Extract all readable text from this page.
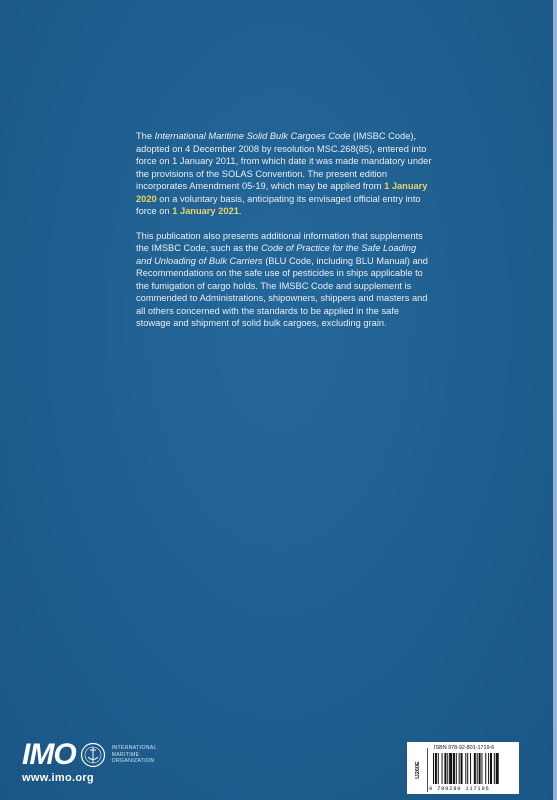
The International Maritime Solid Bulk Cargoes Code (IMSBC Code), adopted on 4 December 2008 by resolution MSC.268(85), entered into force on 1 January 2011, from which date it was made mandatory under the provisions of the SOLAS Convention. The present edition incorporates Amendment 05-19, which may be applied from 1 January 2020 on a voluntary basis, anticipating its envisaged official entry into force on 1 January 2021.

This publication also presents additional information that supplements the IMSBC Code, such as the Code of Practice for the Safe Loading and Unloading of Bulk Carriers (BLU Code, including BLU Manual) and Recommendations on the safe use of pesticides in ships applicable to the fumigation of cargo holds. The IMSBC Code and supplement is commended to Administrations, shipowners, shippers and masters and all others concerned with the standards to be applied in the safe stowage and shipment of solid bulk cargoes, excluding grain.

IMO	INTERNATIONAL
MARITIME
ORGANIZATION
www.imo.org	IJ260E
ISBN 978-92-801-1719-6
9 789280 117196
